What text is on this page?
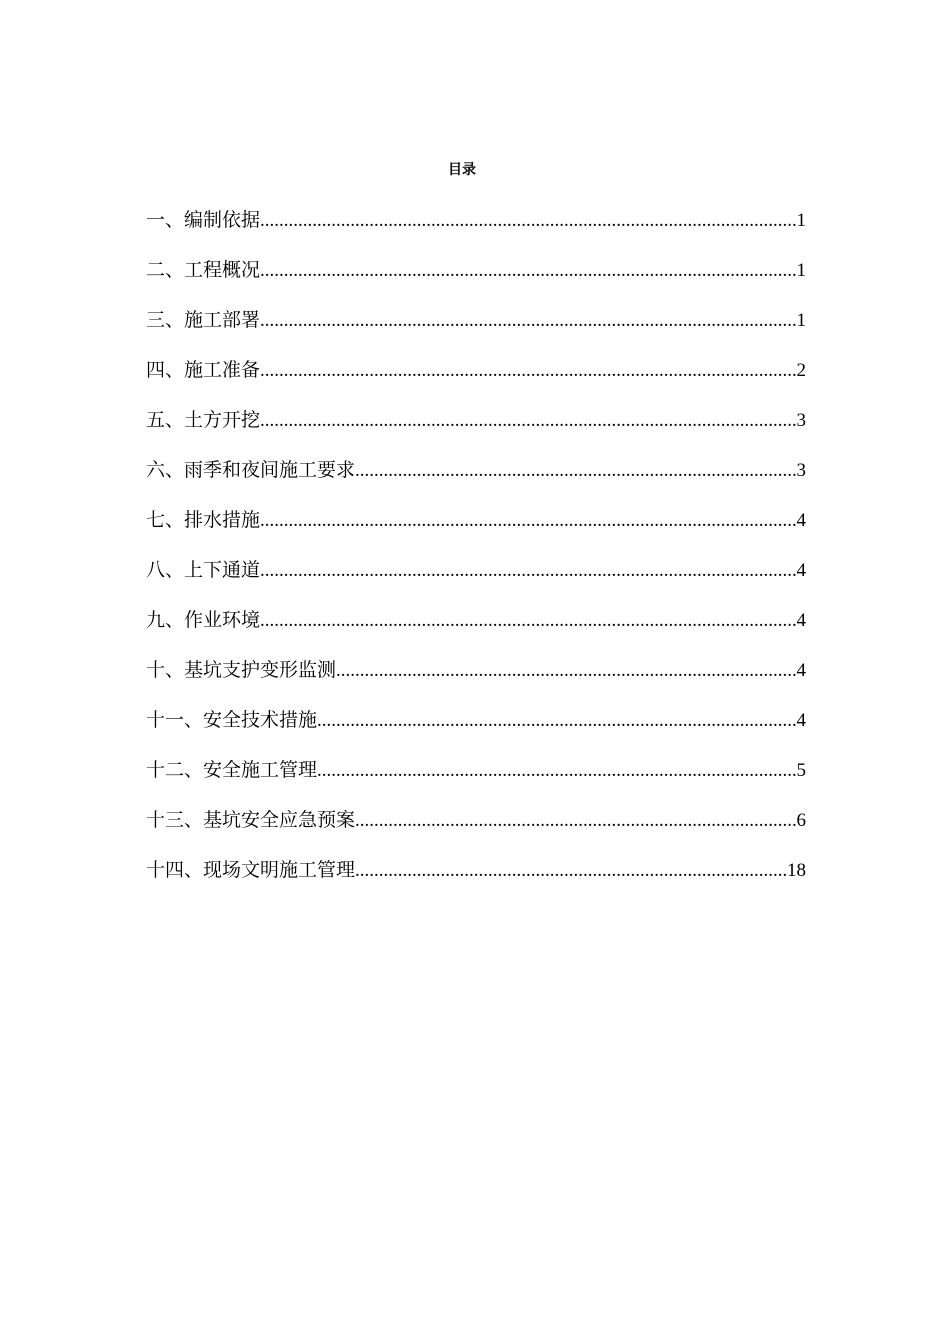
目录
一、编制依据 .....	1
二、工程概况 .....	1
三、施工部署 .....	1
四、施工准备 .....	2
五、土方开挖 .....	3
六、雨季和夜间施工要求 .....	3
七、排水措施 .....	4
八、上下通道 .....	4
九、作业环境 .....	4
十、基坑支护变形监测 .....	4
十一、安全技术措施 .....	4
十二、安全施工管理 .....	5
十三、基坑安全应急预案 .....	6
十四、现场文明施工管理 .....	18
